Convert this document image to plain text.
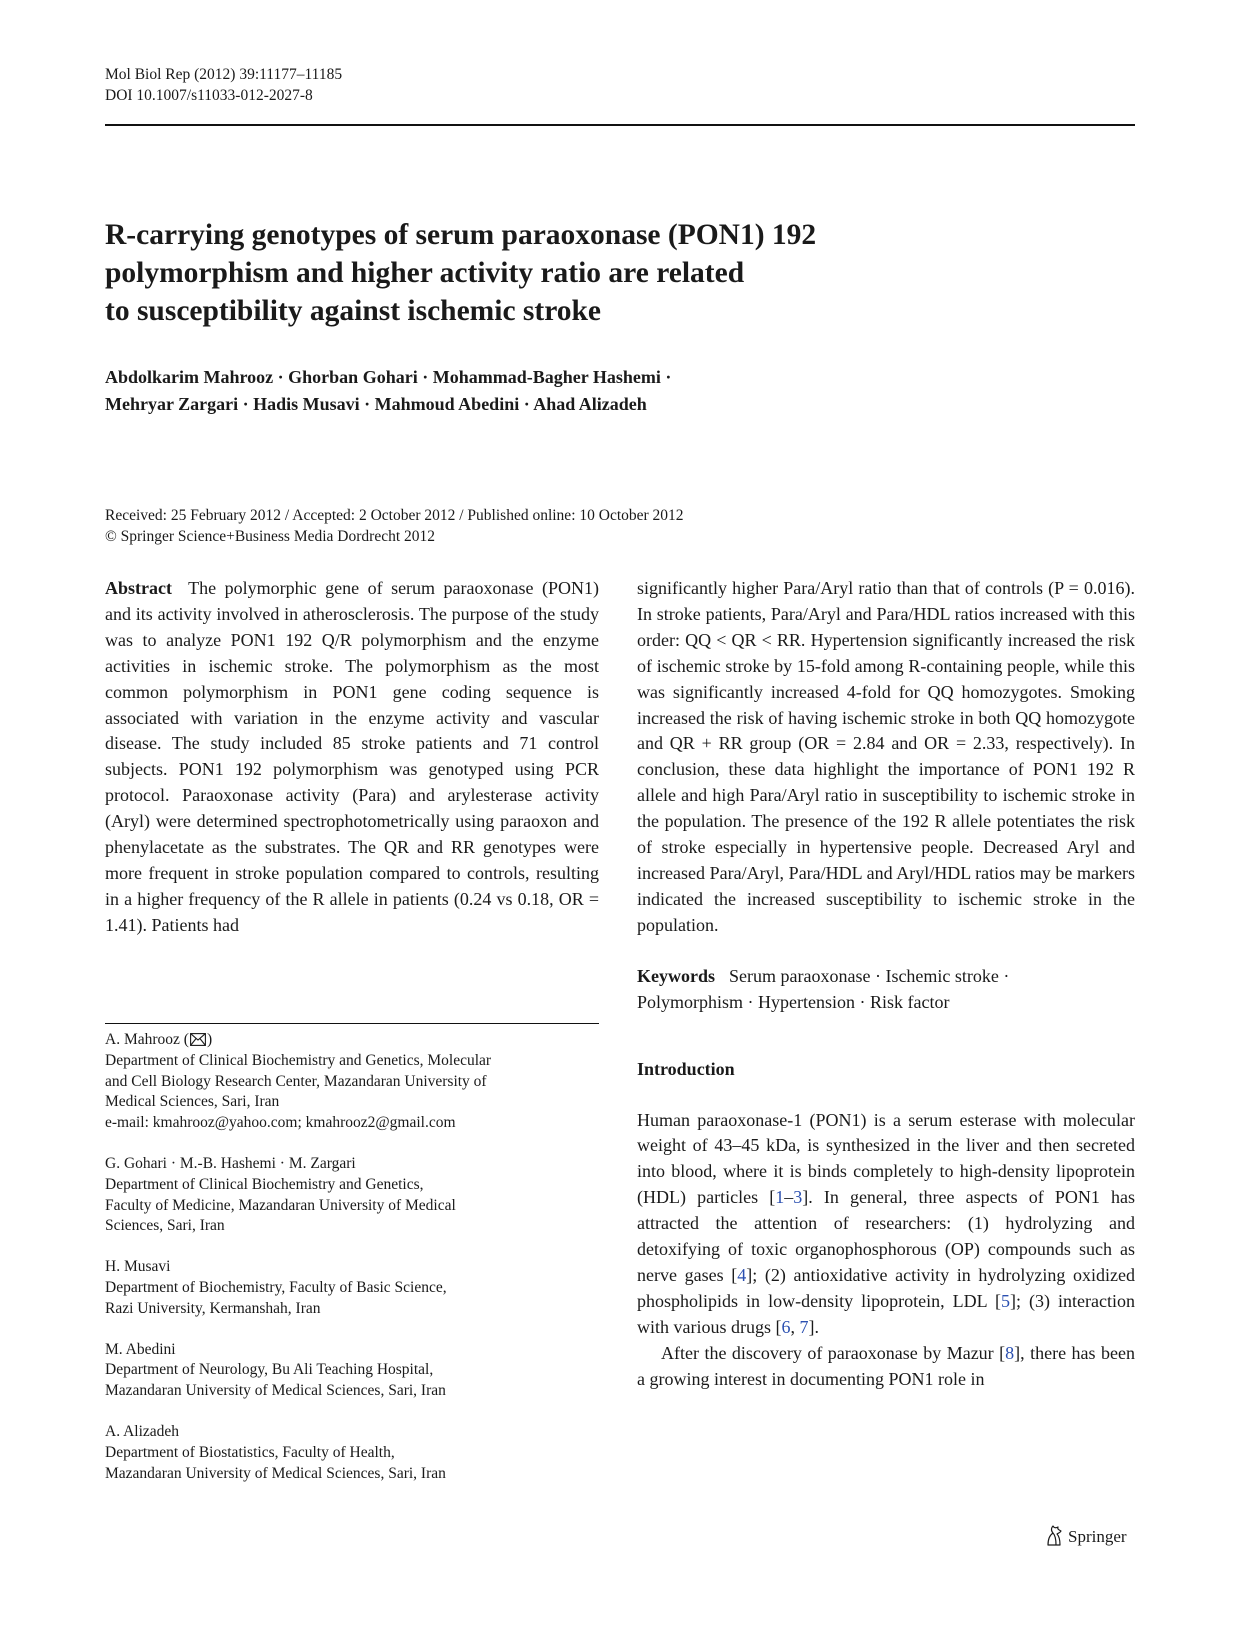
Mol Biol Rep (2012) 39:11177–11185
DOI 10.1007/s11033-012-2027-8
R-carrying genotypes of serum paraoxonase (PON1) 192
polymorphism and higher activity ratio are related
to susceptibility against ischemic stroke
Abdolkarim Mahrooz · Ghorban Gohari · Mohammad-Bagher Hashemi ·
Mehryar Zargari · Hadis Musavi · Mahmoud Abedini · Ahad Alizadeh
Received: 25 February 2012 / Accepted: 2 October 2012 / Published online: 10 October 2012
© Springer Science+Business Media Dordrecht 2012

Abstract The polymorphic gene of serum paraoxonase (PON1) and its activity involved in atherosclerosis. The purpose of the study was to analyze PON1 192 Q/R polymorphism and the enzyme activities in ischemic stroke. The polymorphism as the most common polymorphism in PON1 gene coding sequence is associated with variation in the enzyme activity and vascular disease. The study included 85 stroke patients and 71 control subjects. PON1 192 polymorphism was genotyped using PCR protocol. Paraoxonase activity (Para) and arylesterase activity (Aryl) were determined spectrophotometrically using paraoxon and phenylacetate as the substrates. The QR and RR genotypes were more frequent in stroke population compared to controls, resulting in a higher frequency of the R allele in patients (0.24 vs 0.18, OR = 1.41). Patients had

A. Mahrooz ( )
Department of Clinical Biochemistry and Genetics, Molecular
and Cell Biology Research Center, Mazandaran University of
Medical Sciences, Sari, Iran
e-mail: kmahrooz@yahoo.com; kmahrooz2@gmail.com
G. Gohari · M.-B. Hashemi · M. Zargari
Department of Clinical Biochemistry and Genetics,
Faculty of Medicine, Mazandaran University of Medical
Sciences, Sari, Iran
H. Musavi
Department of Biochemistry, Faculty of Basic Science,
Razi University, Kermanshah, Iran
M. Abedini
Department of Neurology, Bu Ali Teaching Hospital,
Mazandaran University of Medical Sciences, Sari, Iran
A. Alizadeh
Department of Biostatistics, Faculty of Health,
Mazandaran University of Medical Sciences, Sari, Iran

significantly higher Para/Aryl ratio than that of controls (P = 0.016). In stroke patients, Para/Aryl and Para/HDL ratios increased with this order: QQ < QR < RR. Hypertension significantly increased the risk of ischemic stroke by 15-fold among R-containing people, while this was significantly increased 4-fold for QQ homozygotes. Smoking increased the risk of having ischemic stroke in both QQ homozygote and QR + RR group (OR = 2.84 and OR = 2.33, respectively). In conclusion, these data highlight the importance of PON1 192 R allele and high Para/Aryl ratio in susceptibility to ischemic stroke in the population. The presence of the 192 R allele potentiates the risk of stroke especially in hypertensive people. Decreased Aryl and increased Para/Aryl, Para/HDL and Aryl/HDL ratios may be markers indicated the increased susceptibility to ischemic stroke in the population.

Keywords Serum paraoxonase · Ischemic stroke ·
Polymorphism · Hypertension · Risk factor
Introduction

Human paraoxonase-1 (PON1) is a serum esterase with molecular weight of 43–45 kDa, is synthesized in the liver and then secreted into blood, where it is binds completely to high-density lipoprotein (HDL) particles [1–3]. In general, three aspects of PON1 has attracted the attention of researchers: (1) hydrolyzing and detoxifying of toxic organophosphorous (OP) compounds such as nerve gases [4]; (2) antioxidative activity in hydrolyzing oxidized phospholipids in low-density lipoprotein, LDL [5]; (3) interaction with various drugs [6, 7].

After the discovery of paraoxonase by Mazur [8], there has been a growing interest in documenting PON1 role in

Springer
